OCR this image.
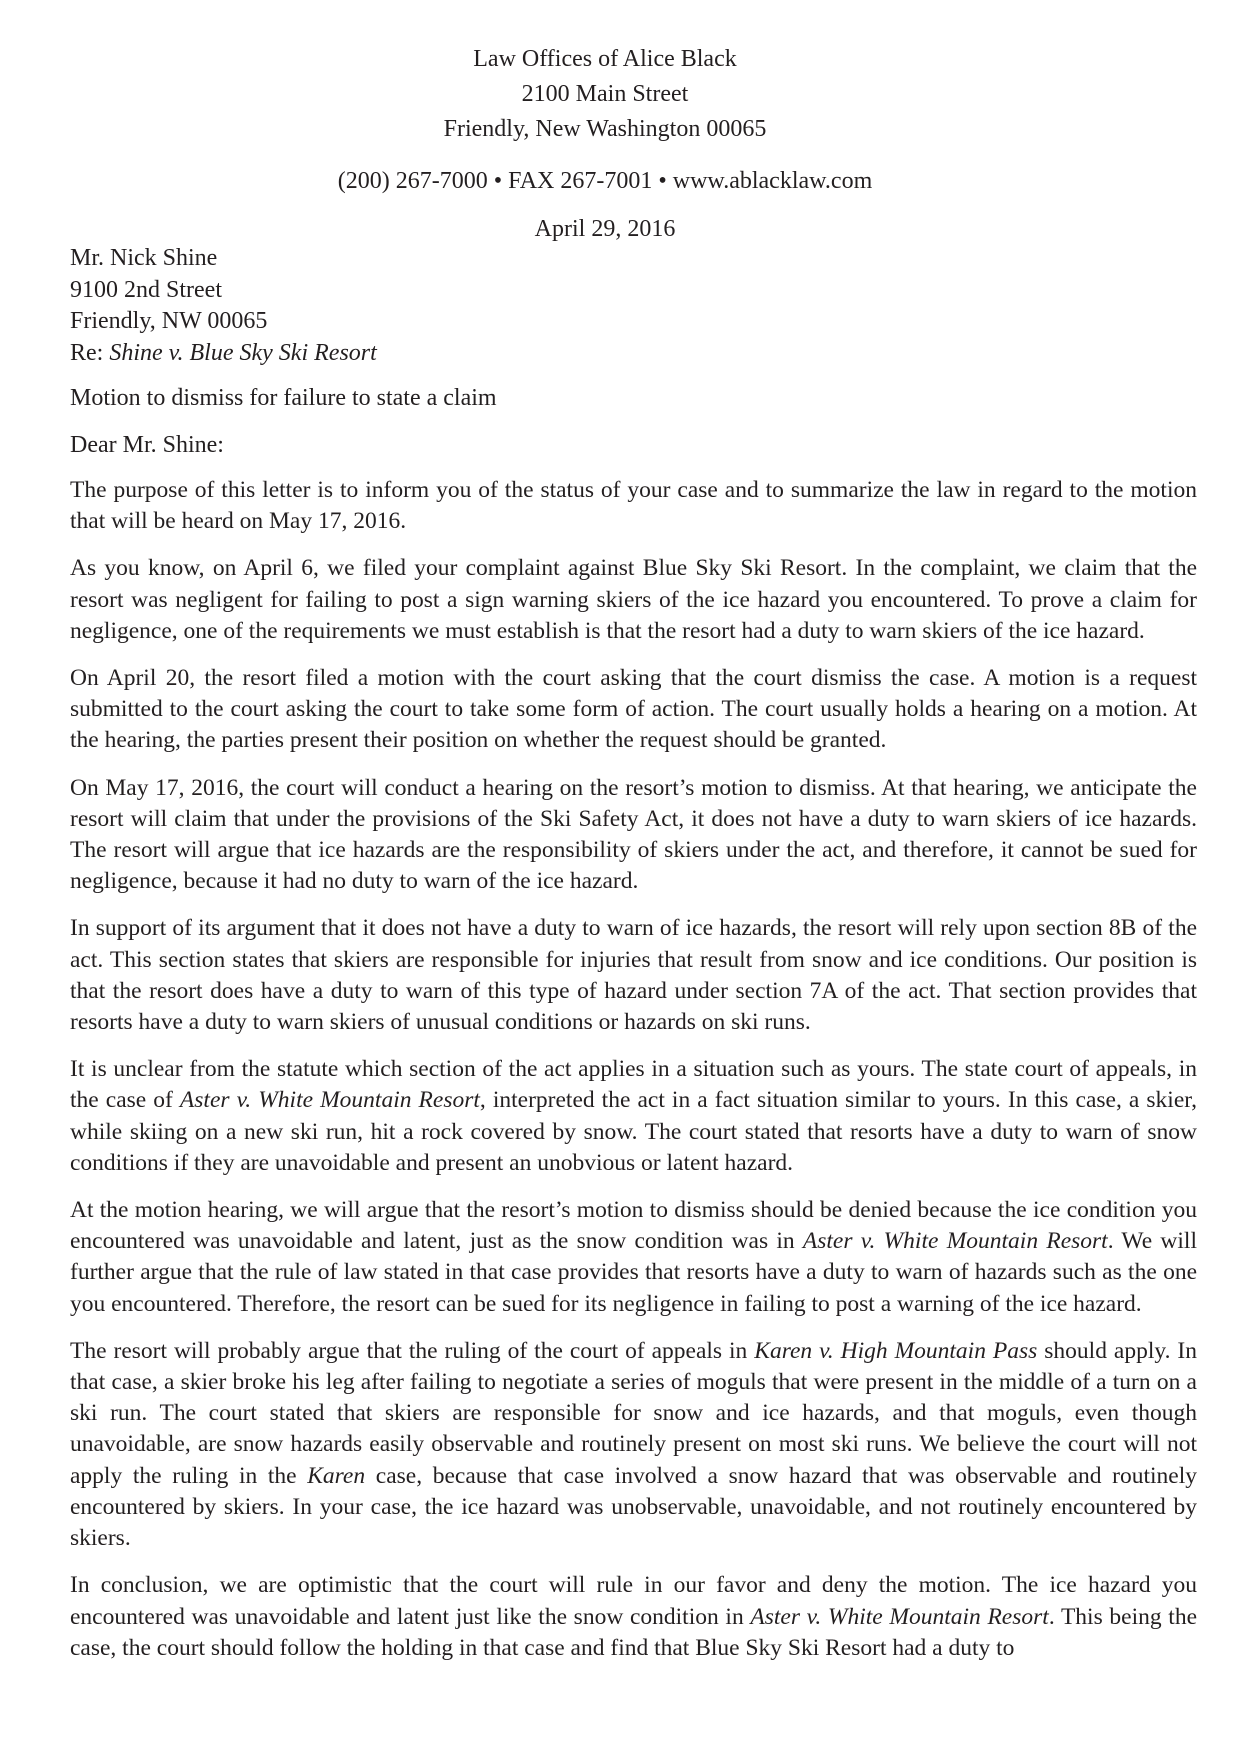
Law Offices of Alice Black
2100 Main Street
Friendly, New Washington 00065
(200) 267-7000 • FAX 267-7001 • www.ablacklaw.com
April 29, 2016
Mr. Nick Shine
9100 2nd Street
Friendly, NW 00065
Re: Shine v. Blue Sky Ski Resort
Motion to dismiss for failure to state a claim
Dear Mr. Shine:

The purpose of this letter is to inform you of the status of your case and to summarize the law in regard to the motion that will be heard on May 17, 2016.

As you know, on April 6, we filed your complaint against Blue Sky Ski Resort. In the complaint, we claim that the resort was negligent for failing to post a sign warning skiers of the ice hazard you encountered. To prove a claim for negligence, one of the requirements we must establish is that the resort had a duty to warn skiers of the ice hazard.

On April 20, the resort filed a motion with the court asking that the court dismiss the case. A motion is a request submitted to the court asking the court to take some form of action. The court usually holds a hearing on a motion. At the hearing, the parties present their position on whether the request should be granted.

On May 17, 2016, the court will conduct a hearing on the resort’s motion to dismiss. At that hearing, we anticipate the resort will claim that under the provisions of the Ski Safety Act, it does not have a duty to warn skiers of ice hazards. The resort will argue that ice hazards are the responsibility of skiers under the act, and therefore, it cannot be sued for negligence, because it had no duty to warn of the ice hazard.

In support of its argument that it does not have a duty to warn of ice hazards, the resort will rely upon section 8B of the act. This section states that skiers are responsible for injuries that result from snow and ice conditions. Our position is that the resort does have a duty to warn of this type of hazard under section 7A of the act. That section provides that resorts have a duty to warn skiers of unusual conditions or hazards on ski runs.

It is unclear from the statute which section of the act applies in a situation such as yours. The state court of appeals, in the case of Aster v. White Mountain Resort, interpreted the act in a fact situation similar to yours. In this case, a skier, while skiing on a new ski run, hit a rock covered by snow. The court stated that resorts have a duty to warn of snow conditions if they are unavoidable and present an unobvious or latent hazard.

At the motion hearing, we will argue that the resort’s motion to dismiss should be denied because the ice condition you encountered was unavoidable and latent, just as the snow condition was in Aster v. White Mountain Resort. We will further argue that the rule of law stated in that case provides that resorts have a duty to warn of hazards such as the one you encountered. Therefore, the resort can be sued for its negligence in failing to post a warning of the ice hazard.

The resort will probably argue that the ruling of the court of appeals in Karen v. High Mountain Pass should apply. In that case, a skier broke his leg after failing to negotiate a series of moguls that were present in the middle of a turn on a ski run. The court stated that skiers are responsible for snow and ice hazards, and that moguls, even though unavoidable, are snow hazards easily observable and routinely present on most ski runs. We believe the court will not apply the ruling in the Karen case, because that case involved a snow hazard that was observable and routinely encountered by skiers. In your case, the ice hazard was unobservable, unavoidable, and not routinely encountered by skiers.

In conclusion, we are optimistic that the court will rule in our favor and deny the motion. The ice hazard you encountered was unavoidable and latent just like the snow condition in Aster v. White Mountain Resort. This being the case, the court should follow the holding in that case and find that Blue Sky Ski Resort had a duty to
